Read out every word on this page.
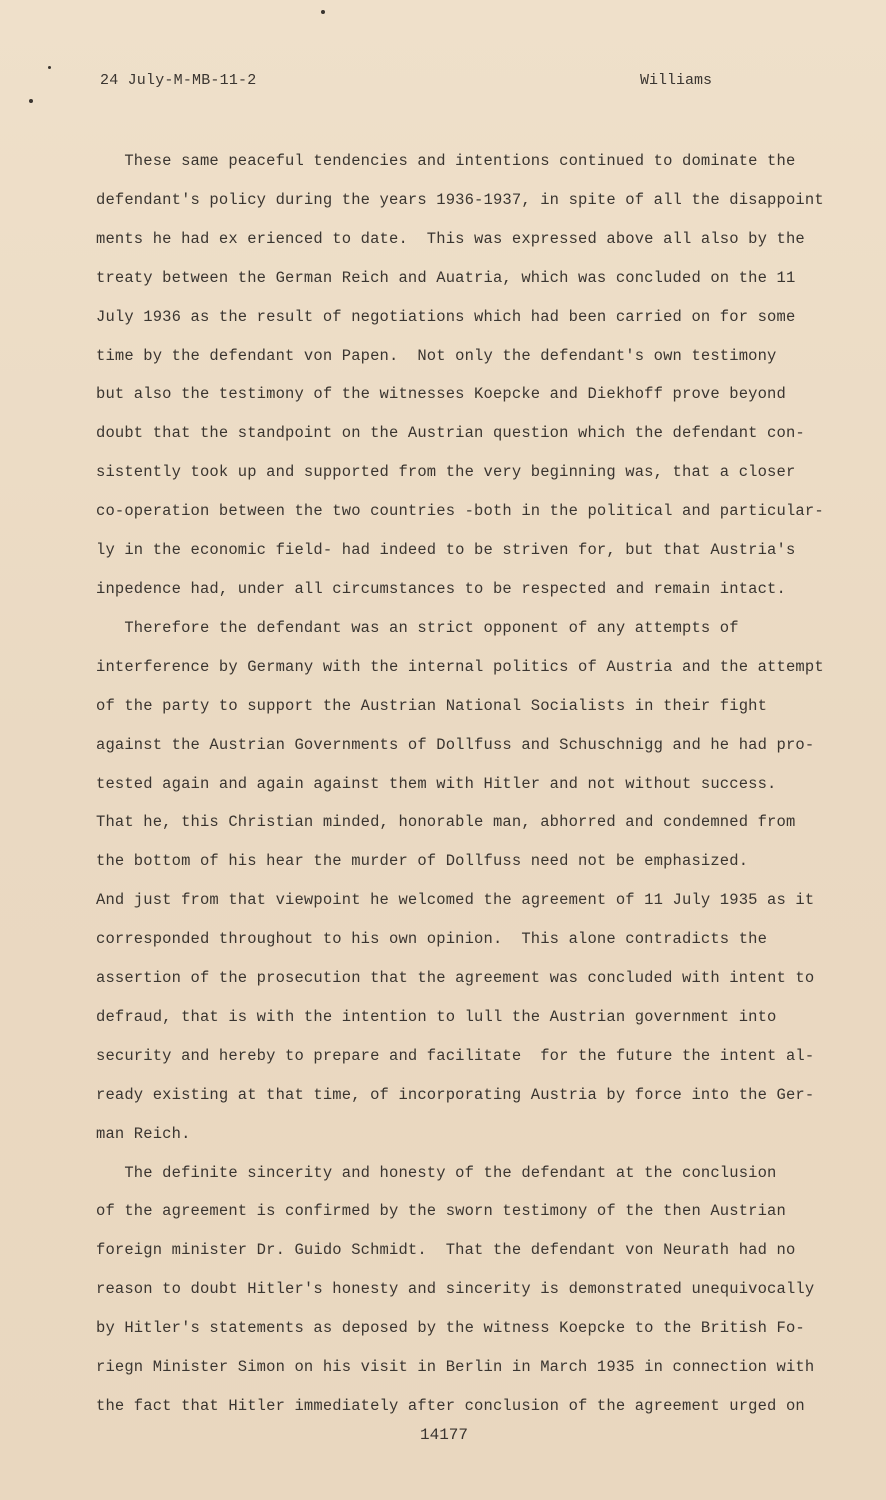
24 July-M-MB-11-2	Williams
These same peaceful tendencies and intentions continued to dominate the
defendant's policy during the years 1936-1937, in spite of all the disappoint
ments he had ex erienced to date.  This was expressed above all also by the
treaty between the German Reich and Auatria, which was concluded on the 11
July 1936 as the result of negotiations which had been carried on for some
time by the defendant von Papen.  Not only the defendant's own testimony
but also the testimony of the witnesses Koepcke and Diekhoff prove beyond
doubt that the standpoint on the Austrian question which the defendant con-
sistently took up and supported from the very beginning was, that a closer
co-operation between the two countries -both in the political and particular-
ly in the economic field- had indeed to be striven for, but that Austria's
inpedence had, under all circumstances to be respected and remain intact.
Therefore the defendant was an strict opponent of any attempts of
interference by Germany with the internal politics of Austria and the attempt
of the party to support the Austrian National Socialists in their fight
against the Austrian Governments of Dollfuss and Schuschnigg and he had pro-
tested again and again against them with Hitler and not without success.
That he, this Christian minded, honorable man, abhorred and condemned from
the bottom of his hear the murder of Dollfuss need not be emphasized.
And just from that viewpoint he welcomed the agreement of 11 July 1935 as it
corresponded throughout to his own opinion.  This alone contradicts the
assertion of the prosecution that the agreement was concluded with intent to
defraud, that is with the intention to lull the Austrian government into
security and hereby to prepare and facilitate  for the future the intent al-
ready existing at that time, of incorporating Austria by force into the Ger-
man Reich.
The definite sincerity and honesty of the defendant at the conclusion
of the agreement is confirmed by the sworn testimony of the then Austrian
foreign minister Dr. Guido Schmidt.  That the defendant von Neurath had no
reason to doubt Hitler's honesty and sincerity is demonstrated unequivocally
by Hitler's statements as deposed by the witness Koepcke to the British Fo-
riegn Minister Simon on his visit in Berlin in March 1935 in connection with
the fact that Hitler immediately after conclusion of the agreement urged on
14177
